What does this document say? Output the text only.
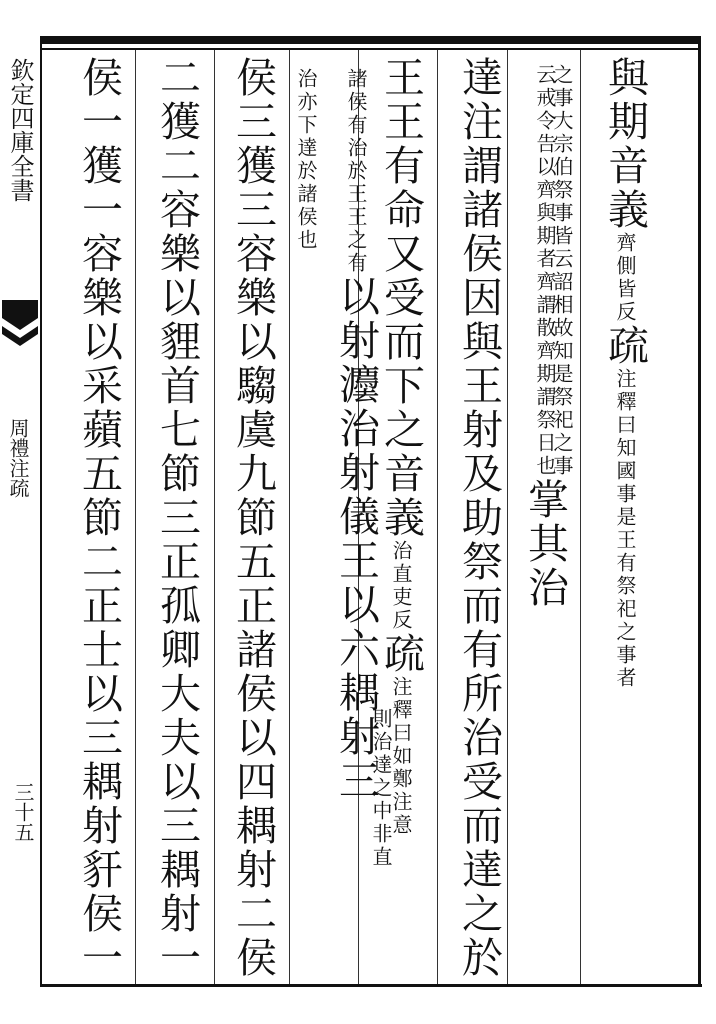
欽定四庫全書
周禮注疏
三十五
與期音義齊側皆反疏注釋曰知國事是王有祭祀之事者
之事大宗伯祭事皆云詔相故知是祭祀之事
云戒令告以齊與期者齊謂散齊期謂祭日也掌其治
達注謂諸侯因與王射及助祭而有所治受而達之於
王王有命又受而下之音義治直吏反疏注釋曰如鄭注意
則治達之中非直
諸侯有治於王王之有以射灋治射儀王以六耦射三
治亦下達於諸侯也
侯三獲三容樂以騶虞九節五正諸侯以四耦射二侯
二獲二容樂以貍首七節三正孤卿大夫以三耦射一
侯一獲一容樂以采蘋五節二正士以三耦射豻侯一
